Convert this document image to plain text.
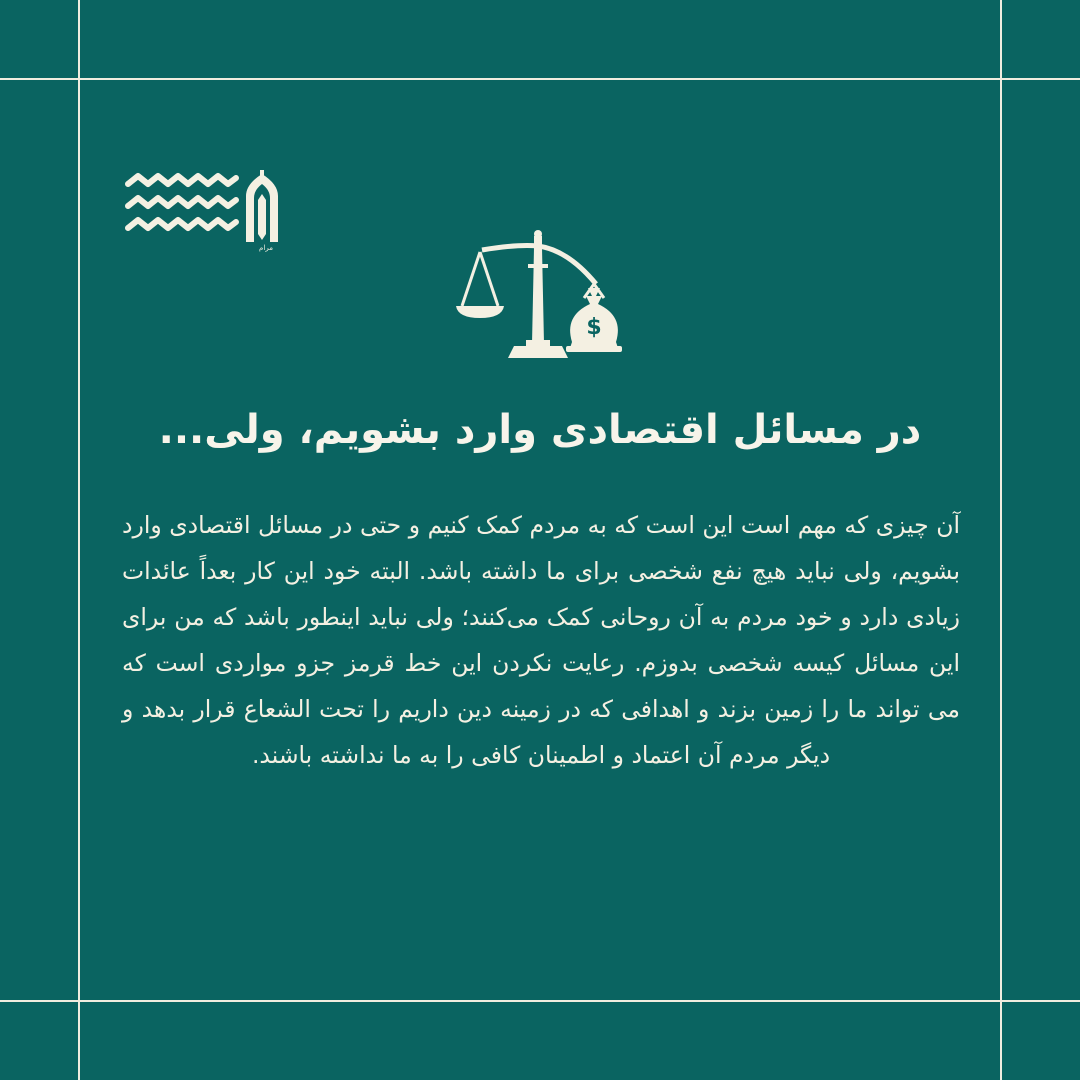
مرام
$
در مسائل اقتصادی وارد بشویم، ولی...
آن چیزی که مهم است این است که به مردم کمک کنیم و حتی در مسائل اقتصادی وارد بشویم، ولی نباید هیچ نفع شخصی برای ما داشته باشد. البته خود این کار بعداً عائدات زیادی دارد و خود مردم به آن روحانی کمک می‌کنند؛ ولی نباید اینطور باشد که من برای این مسائل کیسه شخصی بدوزم. رعایت نکردن این خط قرمز جزو مواردی است که می تواند ما را زمین بزند و اهدافی که در زمینه دین داریم را تحت الشعاع قرار بدهد و دیگر مردم آن اعتماد و اطمینان کافی را به ما نداشته باشند.
